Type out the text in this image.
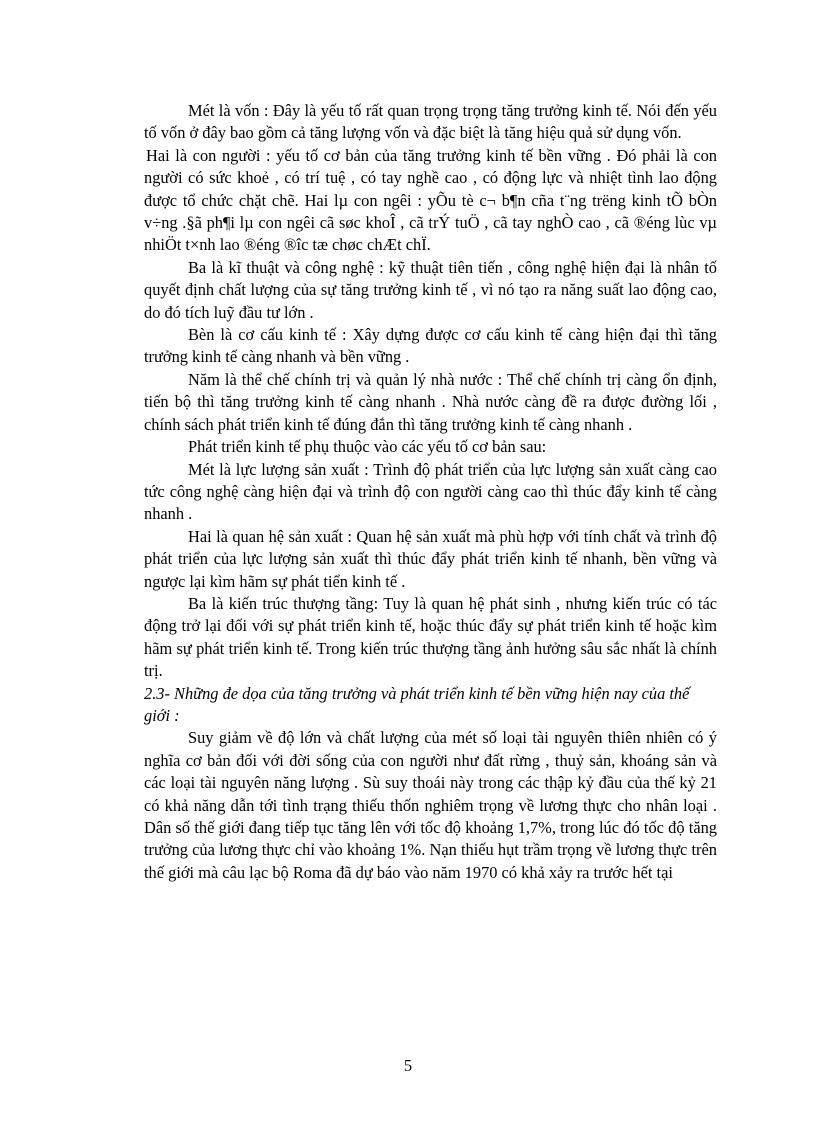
Mét là vốn : Đây là yếu tố rất quan trọng trọng tăng trưởng kinh tế. Nói đến yếu tố vốn ở đây bao gồm cả tăng lượng vốn và đặc biệt là tăng hiệu quả sử dụng vốn.

Hai là con người : yếu tố cơ bản của tăng trưởng kinh tế bền vững . Đó phải là con người có sức khoẻ , có trí tuệ , có tay nghề cao , có động lực và nhiệt tình lao động được tổ chức chặt chẽ. Hai lµ con ngêi : yÕu tè c¬ b¶n cña t¨ng trëng kinh tÕ bÒn v÷ng .§ã ph¶i lµ con ngêi cã søc khoÎ , cã trÝ tuÖ , cã tay nghÒ cao , cã ®éng lùc vµ nhiÖt t×nh lao ®éng ®îc tæ chøc chÆt chÏ.

Ba là kĩ thuật và công nghệ : kỹ thuật tiên tiến , công nghệ hiện đại là nhân tố quyết định chất lượng của sự tăng trưởng kinh tế , vì nó tạo ra năng suất lao động cao, do đó tích luỹ đầu tư lớn .

Bèn là cơ cấu kinh tế : Xây dựng được cơ cấu kinh tế càng hiện đại thì tăng trưởng kinh tế càng nhanh và bền vững .

Năm là thể chế chính trị và quản lý nhà nước : Thể chế chính trị càng ổn định, tiến bộ thì tăng trưởng kinh tế càng nhanh . Nhà nước càng đề ra được đường lối , chính sách phát triển kinh tế đúng đắn thì tăng trưởng kinh tế càng nhanh .

Phát triển kinh tế phụ thuộc vào các yếu tố cơ bản sau:

Mét là lực lượng sản xuất : Trình độ phát triển của lực lượng sản xuất càng cao tức công nghệ càng hiện đại và trình độ con người càng cao thì thúc đẩy kinh tế càng nhanh .

Hai là quan hệ sản xuất : Quan hệ sản xuất mà phù hợp với tính chất và trình độ phát triển của lực lượng sản xuất thì thúc đẩy phát triển kinh tế nhanh, bền vững và ngược lại kìm hãm sự phát tiển kinh tế .

Ba là kiến trúc thượng tầng: Tuy là quan hệ phát sinh , nhưng kiến trúc có tác động trở lại đối với sự phát triển kinh tế, hoặc thúc đẩy sự phát triển kinh tế hoặc kìm hãm sự phát triển kinh tế. Trong kiến trúc thượng tầng ảnh hưởng sâu sắc nhất là chính trị.

2.3- Những đe dọa của tăng trưởng và phát triển kinh tế bền vững hiện nay của thế giới :

Suy giảm về độ lớn và chất lượng của mét số loại tài nguyên thiên nhiên có ý nghĩa cơ bản đối với đời sống của con người như đất rừng , thuỷ sản, khoáng sản và các loại tài nguyên năng lượng . Sù suy thoái này trong các thập kỷ đầu của thế kỷ 21 có khả năng dẫn tới tình trạng thiếu thốn nghiêm trọng về lương thực cho nhân loại . Dân số thế giới đang tiếp tục tăng lên với tốc độ khoảng 1,7%, trong lúc đó tốc độ tăng trưởng của lương thực chỉ vào khoảng 1%. Nạn thiếu hụt trầm trọng về lương thực trên thế giới mà câu lạc bộ Roma đã dự báo vào năm 1970 có khả xảy ra trước hết tại

5
